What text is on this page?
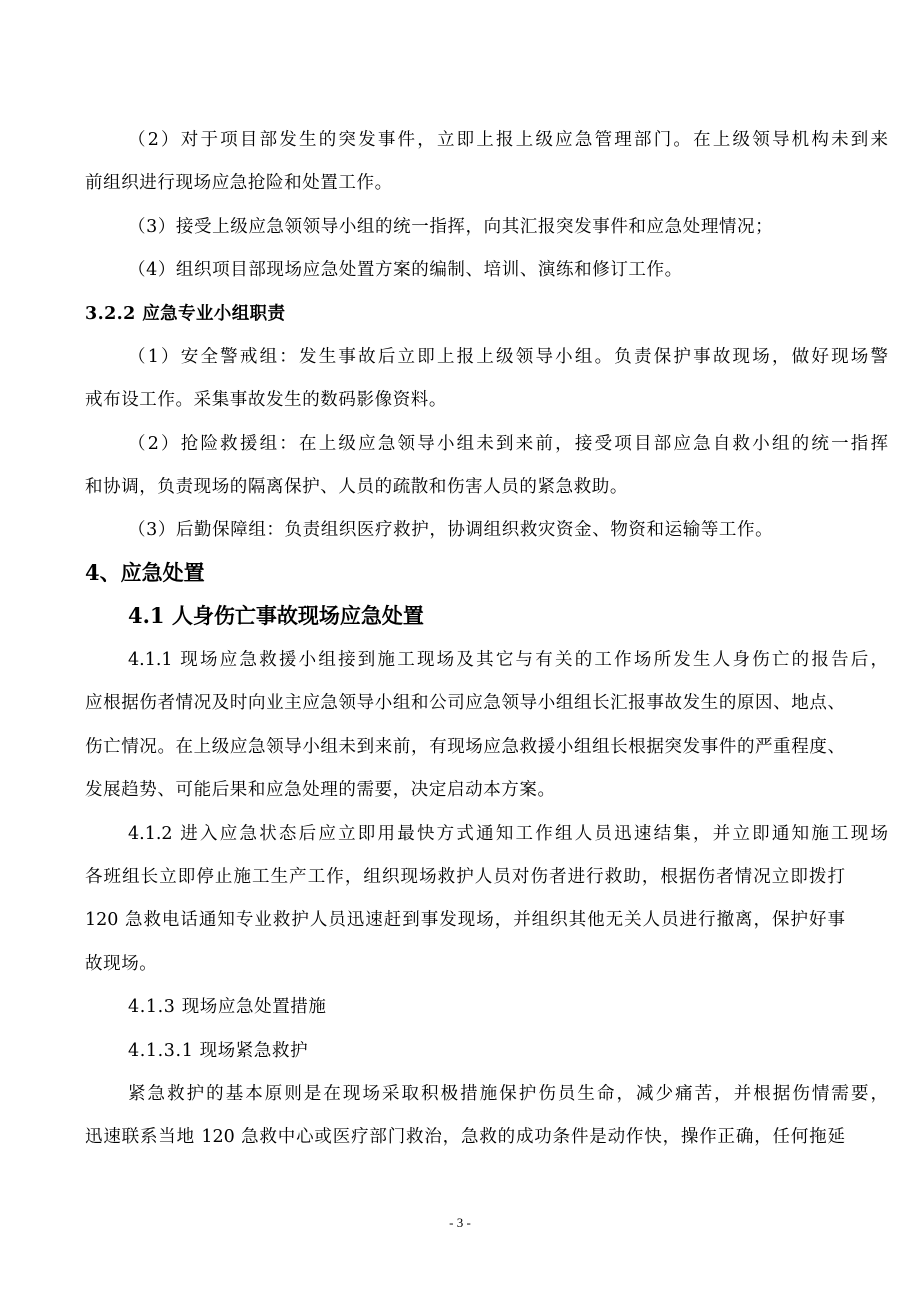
（2）对于项目部发生的突发事件，立即上报上级应急管理部门。在上级领导机构未到来
前组织进行现场应急抢险和处置工作。
（3）接受上级应急领领导小组的统一指挥，向其汇报突发事件和应急处理情况；
（4）组织项目部现场应急处置方案的编制、培训、演练和修订工作。
3.2.2 应急专业小组职责
（1）安全警戒组：发生事故后立即上报上级领导小组。负责保护事故现场，做好现场警
戒布设工作。采集事故发生的数码影像资料。
（2）抢险救援组：在上级应急领导小组未到来前，接受项目部应急自救小组的统一指挥
和协调，负责现场的隔离保护、人员的疏散和伤害人员的紧急救助。
（3）后勤保障组：负责组织医疗救护，协调组织救灾资金、物资和运输等工作。
4、应急处置
4.1 人身伤亡事故现场应急处置
4.1.1 现场应急救援小组接到施工现场及其它与有关的工作场所发生人身伤亡的报告后，
应根据伤者情况及时向业主应急领导小组和公司应急领导小组组长汇报事故发生的原因、地点、
伤亡情况。在上级应急领导小组未到来前，有现场应急救援小组组长根据突发事件的严重程度、
发展趋势、可能后果和应急处理的需要，决定启动本方案。
4.1.2 进入应急状态后应立即用最快方式通知工作组人员迅速结集，并立即通知施工现场
各班组长立即停止施工生产工作，组织现场救护人员对伤者进行救助，根据伤者情况立即拨打
120 急救电话通知专业救护人员迅速赶到事发现场，并组织其他无关人员进行撤离，保护好事
故现场。
4.1.3 现场应急处置措施
4.1.3.1 现场紧急救护
紧急救护的基本原则是在现场采取积极措施保护伤员生命，减少痛苦，并根据伤情需要，
迅速联系当地 120 急救中心或医疗部门救治，急救的成功条件是动作快，操作正确，任何拖延
- 3 -
